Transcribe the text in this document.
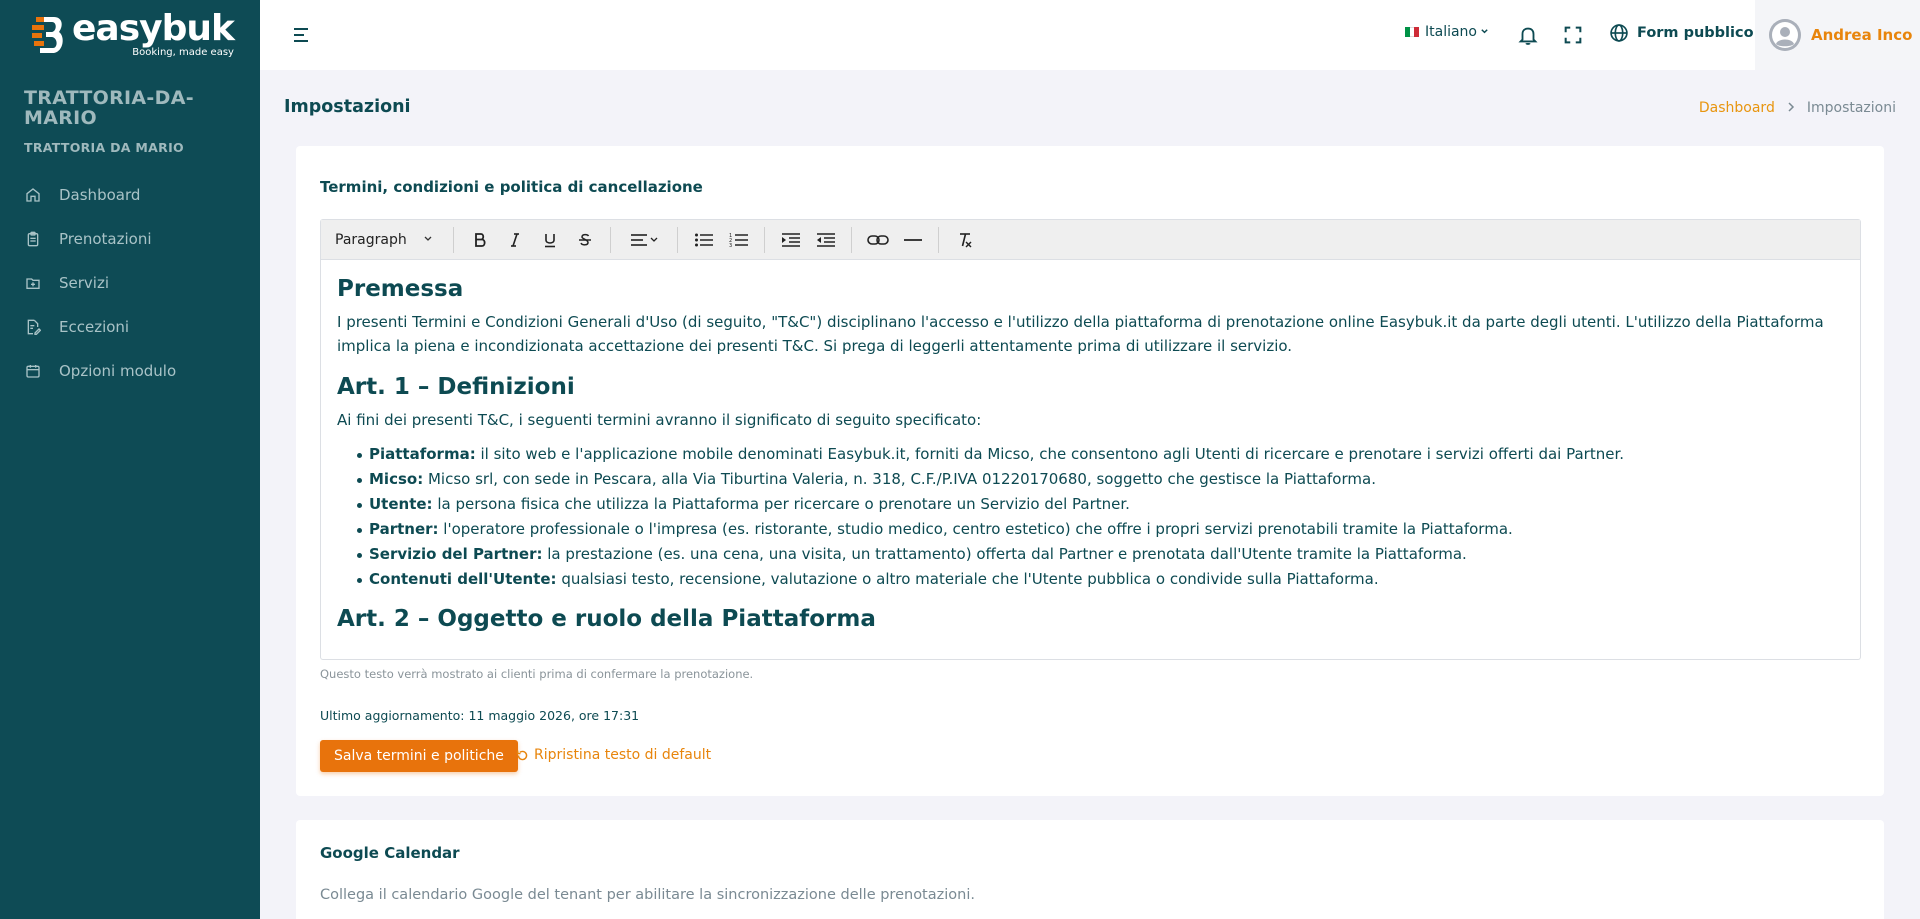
easybuk
Booking, made easy
TRATTORIA-DA-MARIO
TRATTORIA DA MARIO
Dashboard
Prenotazioni
Servizi
Eccezioni
Opzioni modulo
Italiano	Form pubblico	Andrea Inco
Impostazioni	Dashboard Impostazioni
Termini, condizioni e politica di cancellazione
Paragraph	1
2
3
Premessa

I presenti Termini e Condizioni Generali d'Uso (di seguito, "T&C") disciplinano l'accesso e l'utilizzo della piattaforma di prenotazione online Easybuk.it da parte degli utenti. L'utilizzo della Piattaforma implica la piena e incondizionata accettazione dei presenti T&C. Si prega di leggerli attentamente prima di utilizzare il servizio.

Art. 1 – Definizioni

Ai fini dei presenti T&C, i seguenti termini avranno il significato di seguito specificato:

Piattaforma: il sito web e l'applicazione mobile denominati Easybuk.it, forniti da Micso, che consentono agli Utenti di ricercare e prenotare i servizi offerti dai Partner.
Micso: Micso srl, con sede in Pescara, alla Via Tiburtina Valeria, n. 318, C.F./P.IVA 01220170680, soggetto che gestisce la Piattaforma.
Utente: la persona fisica che utilizza la Piattaforma per ricercare o prenotare un Servizio del Partner.
Partner: l'operatore professionale o l'impresa (es. ristorante, studio medico, centro estetico) che offre i propri servizi prenotabili tramite la Piattaforma.
Servizio del Partner: la prestazione (es. una cena, una visita, un trattamento) offerta dal Partner e prenotata dall'Utente tramite la Piattaforma.
Contenuti dell'Utente: qualsiasi testo, recensione, valutazione o altro materiale che l'Utente pubblica o condivide sulla Piattaforma.
Art. 2 – Oggetto e ruolo della Piattaforma
Questo testo verrà mostrato ai clienti prima di confermare la prenotazione.
Ultimo aggiornamento: 11 maggio 2026, ore 17:31
Salva termini e politiche	Ripristina testo di default
Google Calendar
Collega il calendario Google del tenant per abilitare la sincronizzazione delle prenotazioni.
